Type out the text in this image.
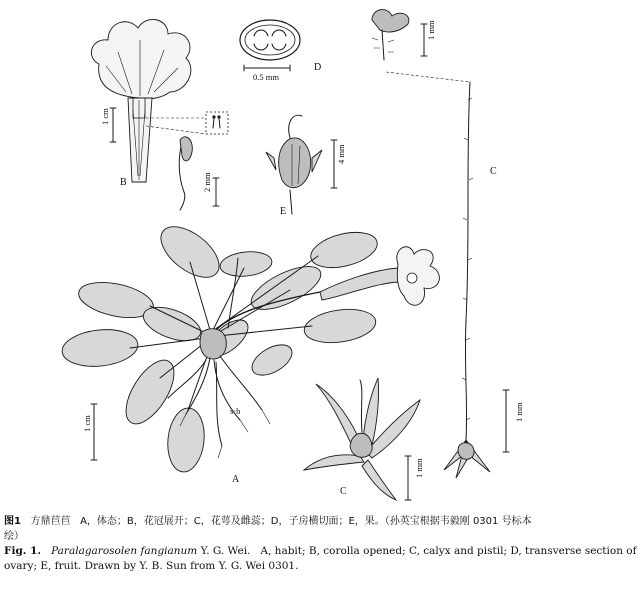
1 cm
2 mm
B
0.5 mm
D
4 mm
E
1 mm
C
1 mm
s·b
1 cm
A
1 mm
C

图1 方鼎苣苣 A，体态；B，花冠展开；C，花萼及雌蕊；D，子房横切面；E，果。（孙英宝根据韦毅刚 0301 号标本

绘）

Fig. 1. Paralagarosolen fangianum Y. G. Wei. A, habit; B, corolla opened; C, calyx and pistil; D, transverse section of

ovary; E, fruit. Drawn by Y. B. Sun from Y. G. Wei 0301.
